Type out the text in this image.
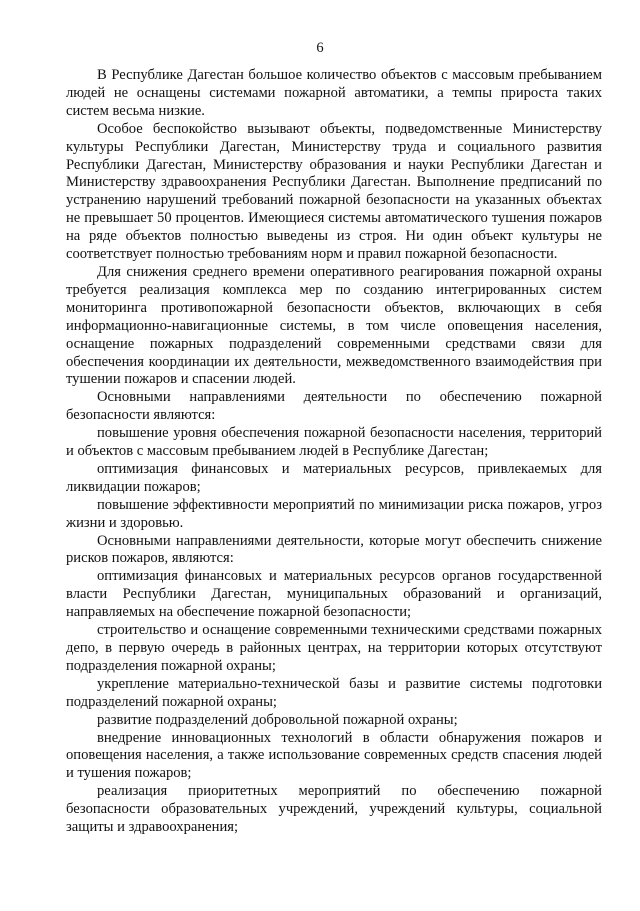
6

В Республике Дагестан большое количество объектов с массовым пребыванием людей не оснащены системами пожарной автоматики, а темпы прироста таких систем весьма низкие.

Особое беспокойство вызывают объекты, подведомственные Министерству культуры Республики Дагестан, Министерству труда и социального развития Республики Дагестан, Министерству образования и науки Республики Дагестан и Министерству здравоохранения Республики Дагестан. Выполнение предписаний по устранению нарушений требований пожарной безопасности на указанных объектах не превышает 50 процентов. Имеющиеся системы автоматического тушения пожаров на ряде объектов полностью выведены из строя. Ни один объект культуры не соответствует полностью требованиям норм и правил пожарной безопасности.

Для снижения среднего времени оперативного реагирования пожарной охраны требуется реализация комплекса мер по созданию интегрированных систем мониторинга противопожарной безопасности объектов, включающих в себя информационно-навигационные системы, в том числе оповещения населения, оснащение пожарных подразделений современными средствами связи для обеспечения координации их деятельности, межведомственного взаимодействия при тушении пожаров и спасении людей.

Основными направлениями деятельности по обеспечению пожарной безопасности являются:

повышение уровня обеспечения пожарной безопасности населения, территорий и объектов с массовым пребыванием людей в Республике Дагестан;

оптимизация финансовых и материальных ресурсов, привлекаемых для ликвидации пожаров;

повышение эффективности мероприятий по минимизации риска пожаров, угроз жизни и здоровью.

Основными направлениями деятельности, которые могут обеспечить снижение рисков пожаров, являются:

оптимизация финансовых и материальных ресурсов органов государственной власти Республики Дагестан, муниципальных образований и организаций, направляемых на обеспечение пожарной безопасности;

строительство и оснащение современными техническими средствами пожарных депо, в первую очередь в районных центрах, на территории которых отсутствуют подразделения пожарной охраны;

укрепление материально-технической базы и развитие системы подготовки подразделений пожарной охраны;

развитие подразделений добровольной пожарной охраны;

внедрение инновационных технологий в области обнаружения пожаров и оповещения населения, а также использование современных средств спасения людей и тушения пожаров;

реализация приоритетных мероприятий по обеспечению пожарной безопасности образовательных учреждений, учреждений культуры, социальной защиты и здравоохранения;
